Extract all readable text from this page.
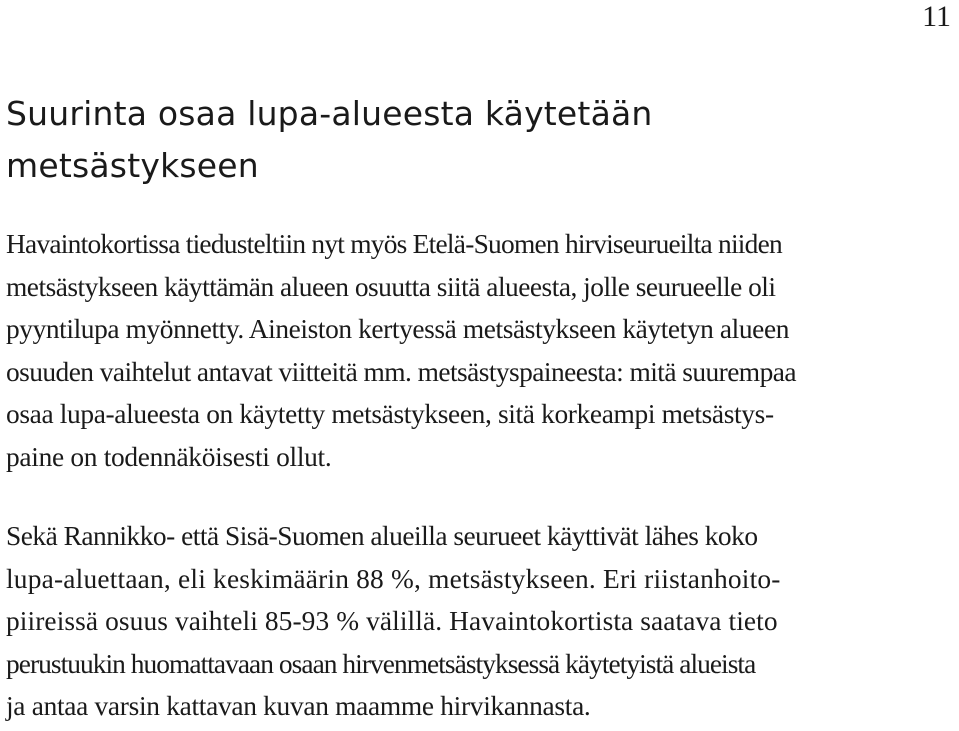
11
Suurinta osaa lupa-alueesta käytetään
metsästykseen
Havaintokortissa tiedusteltiin nyt myös Etelä-Suomen hirviseurueilta niiden
metsästykseen käyttämän alueen osuutta siitä alueesta, jolle seurueelle oli
pyyntilupa myönnetty. Aineiston kertyessä metsästykseen käytetyn alueen
osuuden vaihtelut antavat viitteitä mm. metsästyspaineesta: mitä suurempaa
osaa lupa-alueesta on käytetty metsästykseen, sitä korkeampi metsästys-
paine on todennäköisesti ollut.
Sekä Rannikko- että Sisä-Suomen alueilla seurueet käyttivät lähes koko
lupa-aluettaan, eli keskimäärin 88 %, metsästykseen. Eri riistanhoito-
piireissä osuus vaihteli 85-93 % välillä. Havaintokortista saatava tieto
perustuukin huomattavaan osaan hirvenmetsästyksessä käytetyistä alueista
ja antaa varsin kattavan kuvan maamme hirvikannasta.
